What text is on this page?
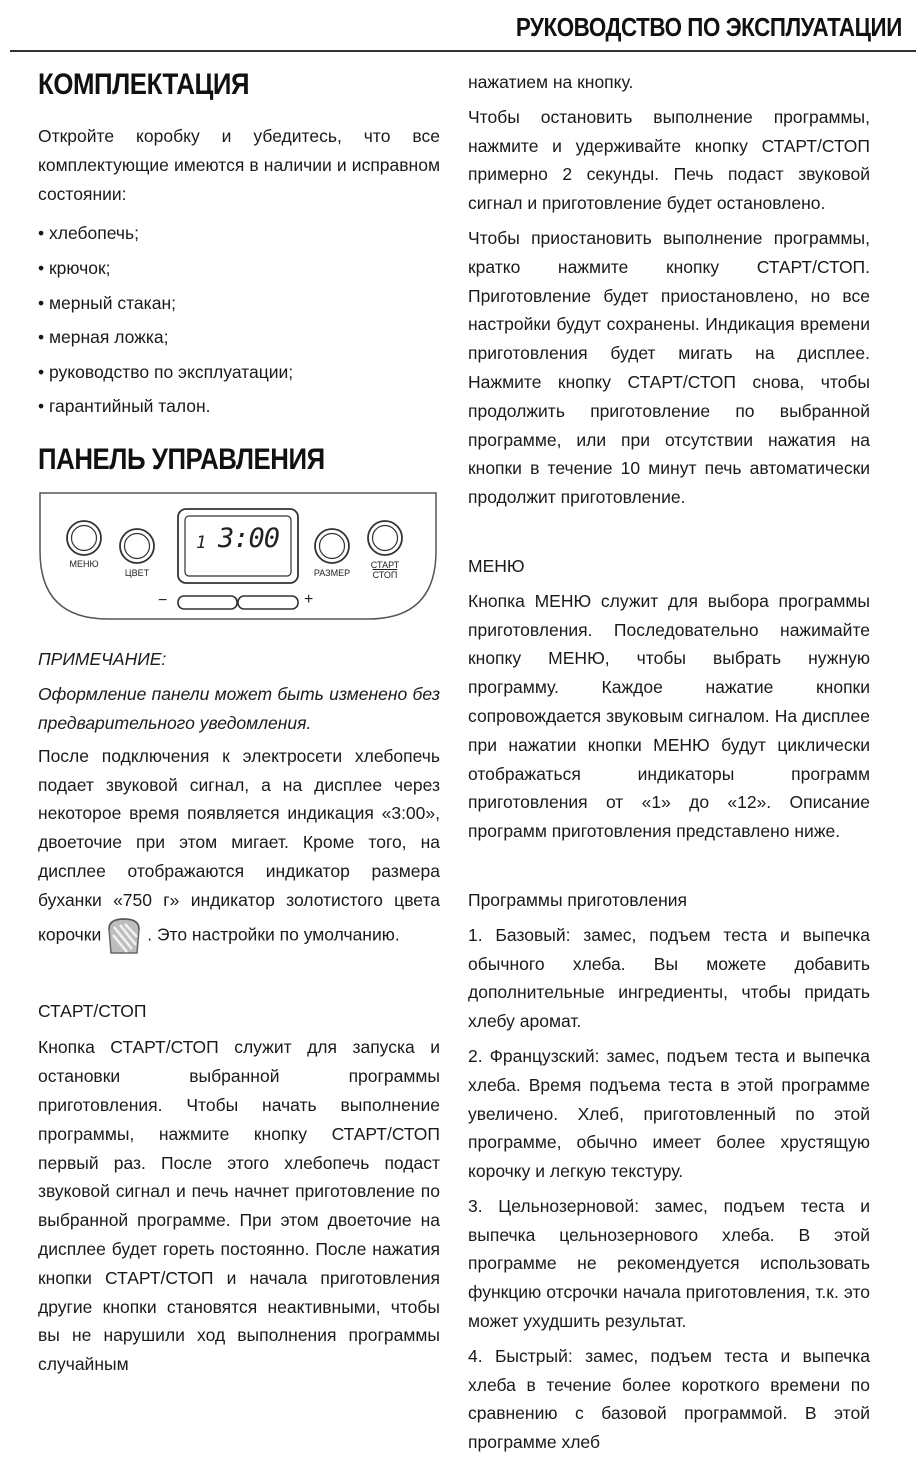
РУКОВОДСТВО ПО ЭКСПЛУАТАЦИИ
КОМПЛЕКТАЦИЯ

Откройте коробку и убедитесь, что все комплектующие имеются в наличии и исправном состоянии:

• хлебопечь;

• крючок;

• мерный стакан;

• мерная ложка;

• руководство по эксплуатации;

• гарантийный талон.

ПАНЕЛЬ УПРАВЛЕНИЯ
1 3:00
МЕНЮ
ЦВЕТ	РАЗМЕР
СТАРТ
СТОП
−	+

ПРИМЕЧАНИЕ:

Оформление панели может быть изменено без предварительного уведомления.

После подключения к электросети хлебопечь подает звуковой сигнал, а на дисплее через некоторое время появляется индикация «3:00», двоеточие при этом мигает. Кроме того, на дисплее отображаются индикатор размера буханки «750 г» индикатор золотистого цвета корочки	. Это настройки по умолчанию.

СТАРТ/СТОП

Кнопка СТАРТ/СТОП служит для запуска и остановки выбранной программы приготовления. Чтобы начать выполнение программы, нажмите кнопку СТАРТ/СТОП первый раз. После этого хлебопечь подаст звуковой сигнал и печь начнет приготовление по выбранной программе. При этом двоеточие на дисплее будет гореть постоянно. После нажатия кнопки СТАРТ/СТОП и начала приготовления другие кнопки становятся неактивными, чтобы вы не нарушили ход выполнения программы случайным

нажатием на кнопку.

Чтобы остановить выполнение программы, нажмите и удерживайте кнопку СТАРТ/СТОП примерно 2 секунды. Печь подаст звуковой сигнал и приготовление будет остановлено.

Чтобы приостановить выполнение программы, кратко нажмите кнопку СТАРТ/СТОП. Приготовление будет приостановлено, но все настройки будут сохранены. Индикация времени приготовления будет мигать на дисплее. Нажмите кнопку СТАРТ/СТОП снова, чтобы продолжить приготовление по выбранной программе, или при отсутствии нажатия на кнопки в течение 10 минут печь автоматически продолжит приготовление.

МЕНЮ

Кнопка МЕНЮ служит для выбора программы приготовления. Последовательно нажимайте кнопку МЕНЮ, чтобы выбрать нужную программу. Каждое нажатие кнопки сопровождается звуковым сигналом. На дисплее при нажатии кнопки МЕНЮ будут циклически отображаться индикаторы программ приготовления от «1» до «12». Описание программ приготовления представлено ниже.

Программы приготовления

1. Базовый: замес, подъем теста и выпечка обычного хлеба. Вы можете добавить дополнительные ингредиенты, чтобы придать хлебу аромат.

2. Французский: замес, подъем теста и выпечка хлеба. Время подъема теста в этой программе увеличено. Хлеб, приготовленный по этой программе, обычно имеет более хрустящую корочку и легкую текстуру.

3. Цельнозерновой: замес, подъем теста и выпечка цельнозернового хлеба. В этой программе не рекомендуется использовать функцию отсрочки начала приготовления, т.к. это может ухудшить результат.

4. Быстрый: замес, подъем теста и выпечка хлеба в течение более короткого времени по сравнению с базовой программой. В этой программе хлеб
